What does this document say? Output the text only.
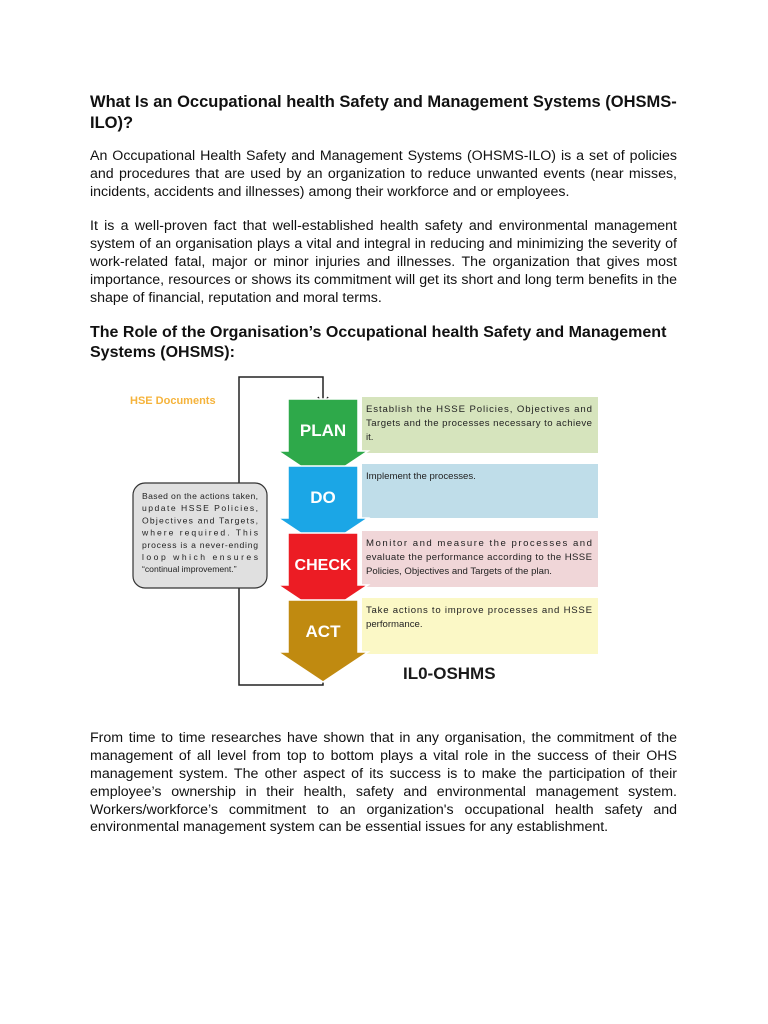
What Is an Occupational health Safety and Management Systems (OHSMS-ILO)?

An Occupational Health Safety and Management Systems (OHSMS-ILO) is a set of policies and procedures that are used by an organization to reduce unwanted events (near misses, incidents, accidents and illnesses) among their workforce and or employees.

It is a well-proven fact that well-established health safety and environmental management system of an organisation plays a vital and integral in reducing and minimizing the severity of work-related fatal, major or minor injuries and illnesses. The organization that gives most importance, resources or shows its commitment will get its short and long term benefits in the shape of financial, reputation and moral terms.

The Role of the Organisation’s Occupational health Safety and Management Systems (OHSMS):
HSE Documents
Based on the actions taken,
update HSSE Policies,
Objectives and Targets,
where required. This
process is a never-ending
loop which ensures
“continual improvement.”
Establish the HSSE Policies, Objectives and
Targets and the processes necessary to achieve
it.
PLAN
Implement the processes.
DO
Monitor and measure the processes and
evaluate the performance according to the HSSE
Policies, Objectives and Targets of the plan.
CHECK
Take actions to improve processes and HSSE
performance.
ACT
IL0-OSHMS

From time to time researches have shown that in any organisation, the commitment of the management of all level from top to bottom plays a vital role in the success of their OHS management system. The other aspect of its success is to make the participation of their employee’s ownership in their health, safety and environmental management system. Workers/workforce’s commitment to an organization's occupational health safety and environmental management system can be essential issues for any establishment.
